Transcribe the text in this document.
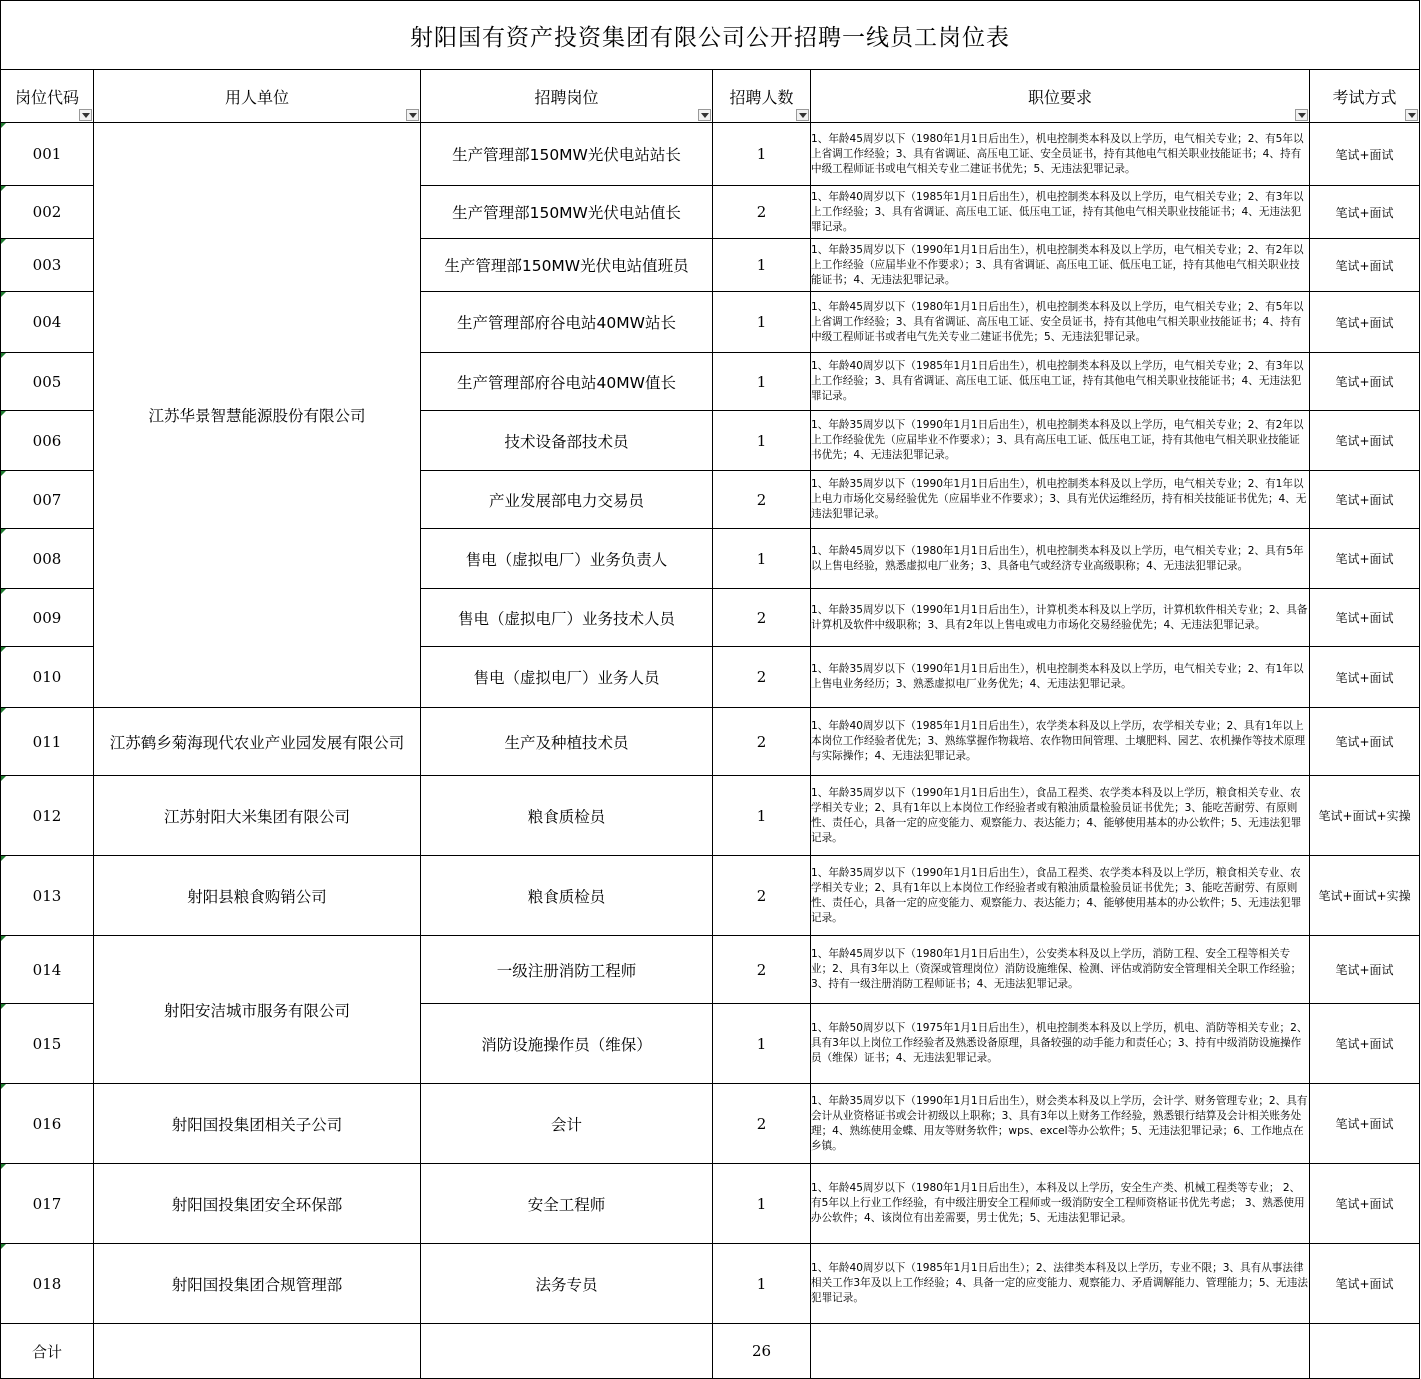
射阳国有资产投资集团有限公司公开招聘一线员工岗位表					
岗位代码	用人单位	招聘岗位	招聘人数	职位要求	考试方式

001	江苏华景智慧能源股份有限公司	生产管理部150MW光伏电站站长	1	1、年龄45周岁以下（1980年1月1日后出生），机电控制类本科及以上学历，电气相关专业；2、有5年以上省调工作经验；3、具有省调证、高压电工证、安全员证书，持有其他电气相关职业技能证书；4、持有中级工程师证书或电气相关专业二建证书优先；5、无违法犯罪记录。	笔试+面试

002		生产管理部150MW光伏电站值长	2	1、年龄40周岁以下（1985年1月1日后出生），机电控制类本科及以上学历，电气相关专业；2、有3年以上工作经验；3、具有省调证、高压电工证、低压电工证，持有其他电气相关职业技能证书；4、无违法犯罪记录。	笔试+面试

003		生产管理部150MW光伏电站值班员	1	1、年龄35周岁以下（1990年1月1日后出生），机电控制类本科及以上学历，电气相关专业；2、有2年以上工作经验（应届毕业不作要求）；3、具有省调证、高压电工证、低压电工证，持有其他电气相关职业技能证书；4、无违法犯罪记录。	笔试+面试

004		生产管理部府谷电站40MW站长	1	1、年龄45周岁以下（1980年1月1日后出生），机电控制类本科及以上学历，电气相关专业；2、有5年以上省调工作经验；3、具有省调证、高压电工证、安全员证书，持有其他电气相关职业技能证书；4、持有中级工程师证书或者电气先关专业二建证书优先；5、无违法犯罪记录。	笔试+面试

005		生产管理部府谷电站40MW值长	1	1、年龄40周岁以下（1985年1月1日后出生），机电控制类本科及以上学历，电气相关专业；2、有3年以上工作经验；3、具有省调证、高压电工证、低压电工证，持有其他电气相关职业技能证书；4、无违法犯罪记录。	笔试+面试

006		技术设备部技术员	1	1、年龄35周岁以下（1990年1月1日后出生），机电控制类本科及以上学历，电气相关专业；2、有2年以上工作经验优先（应届毕业不作要求）；3、具有高压电工证、低压电工证，持有其他电气相关职业技能证书优先；4、无违法犯罪记录。	笔试+面试

007		产业发展部电力交易员	2	1、年龄35周岁以下（1990年1月1日后出生），机电控制类本科及以上学历，电气相关专业；2、有1年以上电力市场化交易经验优先（应届毕业不作要求）；3、具有光伏运维经历，持有相关技能证书优先；4、无违法犯罪记录。	笔试+面试

008		售电（虚拟电厂）业务负责人	1	1、年龄45周岁以下（1980年1月1日后出生），机电控制类本科及以上学历，电气相关专业；2、具有5年以上售电经验，熟悉虚拟电厂业务；3、具备电气或经济专业高级职称；4、无违法犯罪记录。	笔试+面试

009		售电（虚拟电厂）业务技术人员	2	1、年龄35周岁以下（1990年1月1日后出生），计算机类本科及以上学历，计算机软件相关专业；2、具备计算机及软件中级职称；3、具有2年以上售电或电力市场化交易经验优先；4、无违法犯罪记录。	笔试+面试

010		售电（虚拟电厂）业务人员	2	1、年龄35周岁以下（1990年1月1日后出生），机电控制类本科及以上学历，电气相关专业；2、有1年以上售电业务经历；3、熟悉虚拟电厂业务优先；4、无违法犯罪记录。	笔试+面试

011	江苏鹤乡菊海现代农业产业园发展有限公司	生产及种植技术员	2	1、年龄40周岁以下（1985年1月1日后出生），农学类本科及以上学历，农学相关专业；2、具有1年以上本岗位工作经验者优先；3、熟练掌握作物栽培、农作物田间管理、土壤肥料、园艺、农机操作等技术原理与实际操作；4、无违法犯罪记录。	笔试+面试

012	江苏射阳大米集团有限公司	粮食质检员	1	1、年龄35周岁以下（1990年1月1日后出生），食品工程类、农学类本科及以上学历，粮食相关专业、农学相关专业；2、具有1年以上本岗位工作经验者或有粮油质量检验员证书优先；3、能吃苦耐劳、有原则性、责任心，具备一定的应变能力、观察能力、表达能力；4、能够使用基本的办公软件；5、无违法犯罪记录。	笔试+面试+实操

013	射阳县粮食购销公司	粮食质检员	2	1、年龄35周岁以下（1990年1月1日后出生），食品工程类、农学类本科及以上学历，粮食相关专业、农学相关专业；2、具有1年以上本岗位工作经验者或有粮油质量检验员证书优先；3、能吃苦耐劳、有原则性、责任心，具备一定的应变能力、观察能力、表达能力；4、能够使用基本的办公软件；5、无违法犯罪记录。	笔试+面试+实操

014	射阳安洁城市服务有限公司	一级注册消防工程师	2	1、年龄45周岁以下（1980年1月1日后出生），公安类本科及以上学历，消防工程、安全工程等相关专业；2、具有3年以上（资深或管理岗位）消防设施维保、检测、评估或消防安全管理相关全职工作经验；3、持有一级注册消防工程师证书；4、无违法犯罪记录。	笔试+面试

015		消防设施操作员（维保）	1	1、年龄50周岁以下（1975年1月1日后出生），机电控制类本科及以上学历，机电、消防等相关专业；2、具有3年以上岗位工作经验者及熟悉设备原理，具备较强的动手能力和责任心；3、持有中级消防设施操作员（维保）证书；4、无违法犯罪记录。	笔试+面试

016	射阳国投集团相关子公司	会计	2	1、年龄35周岁以下（1990年1月1日后出生），财会类本科及以上学历，会计学、财务管理专业；2、具有会计从业资格证书或会计初级以上职称；3、具有3年以上财务工作经验，熟悉银行结算及会计相关账务处理；4、熟练使用金蝶、用友等财务软件；wps、excel等办公软件；5、无违法犯罪记录；6、工作地点在乡镇。	笔试+面试

017	射阳国投集团安全环保部	安全工程师	1	1、年龄45周岁以下（1980年1月1日后出生），本科及以上学历，安全生产类、机械工程类等专业； 2、有5年以上行业工作经验，有中级注册安全工程师或一级消防安全工程师资格证书优先考虑； 3、熟悉使用办公软件；4、该岗位有出差需要，男士优先；5、无违法犯罪记录。	笔试+面试

018	射阳国投集团合规管理部	法务专员	1	1、年龄40周岁以下（1985年1月1日后出生）；2、法律类本科及以上学历，专业不限；3、具有从事法律相关工作3年及以上工作经验；4、具备一定的应变能力、观察能力、矛盾调解能力、管理能力；5、无违法犯罪记录。	笔试+面试
合计			26		
